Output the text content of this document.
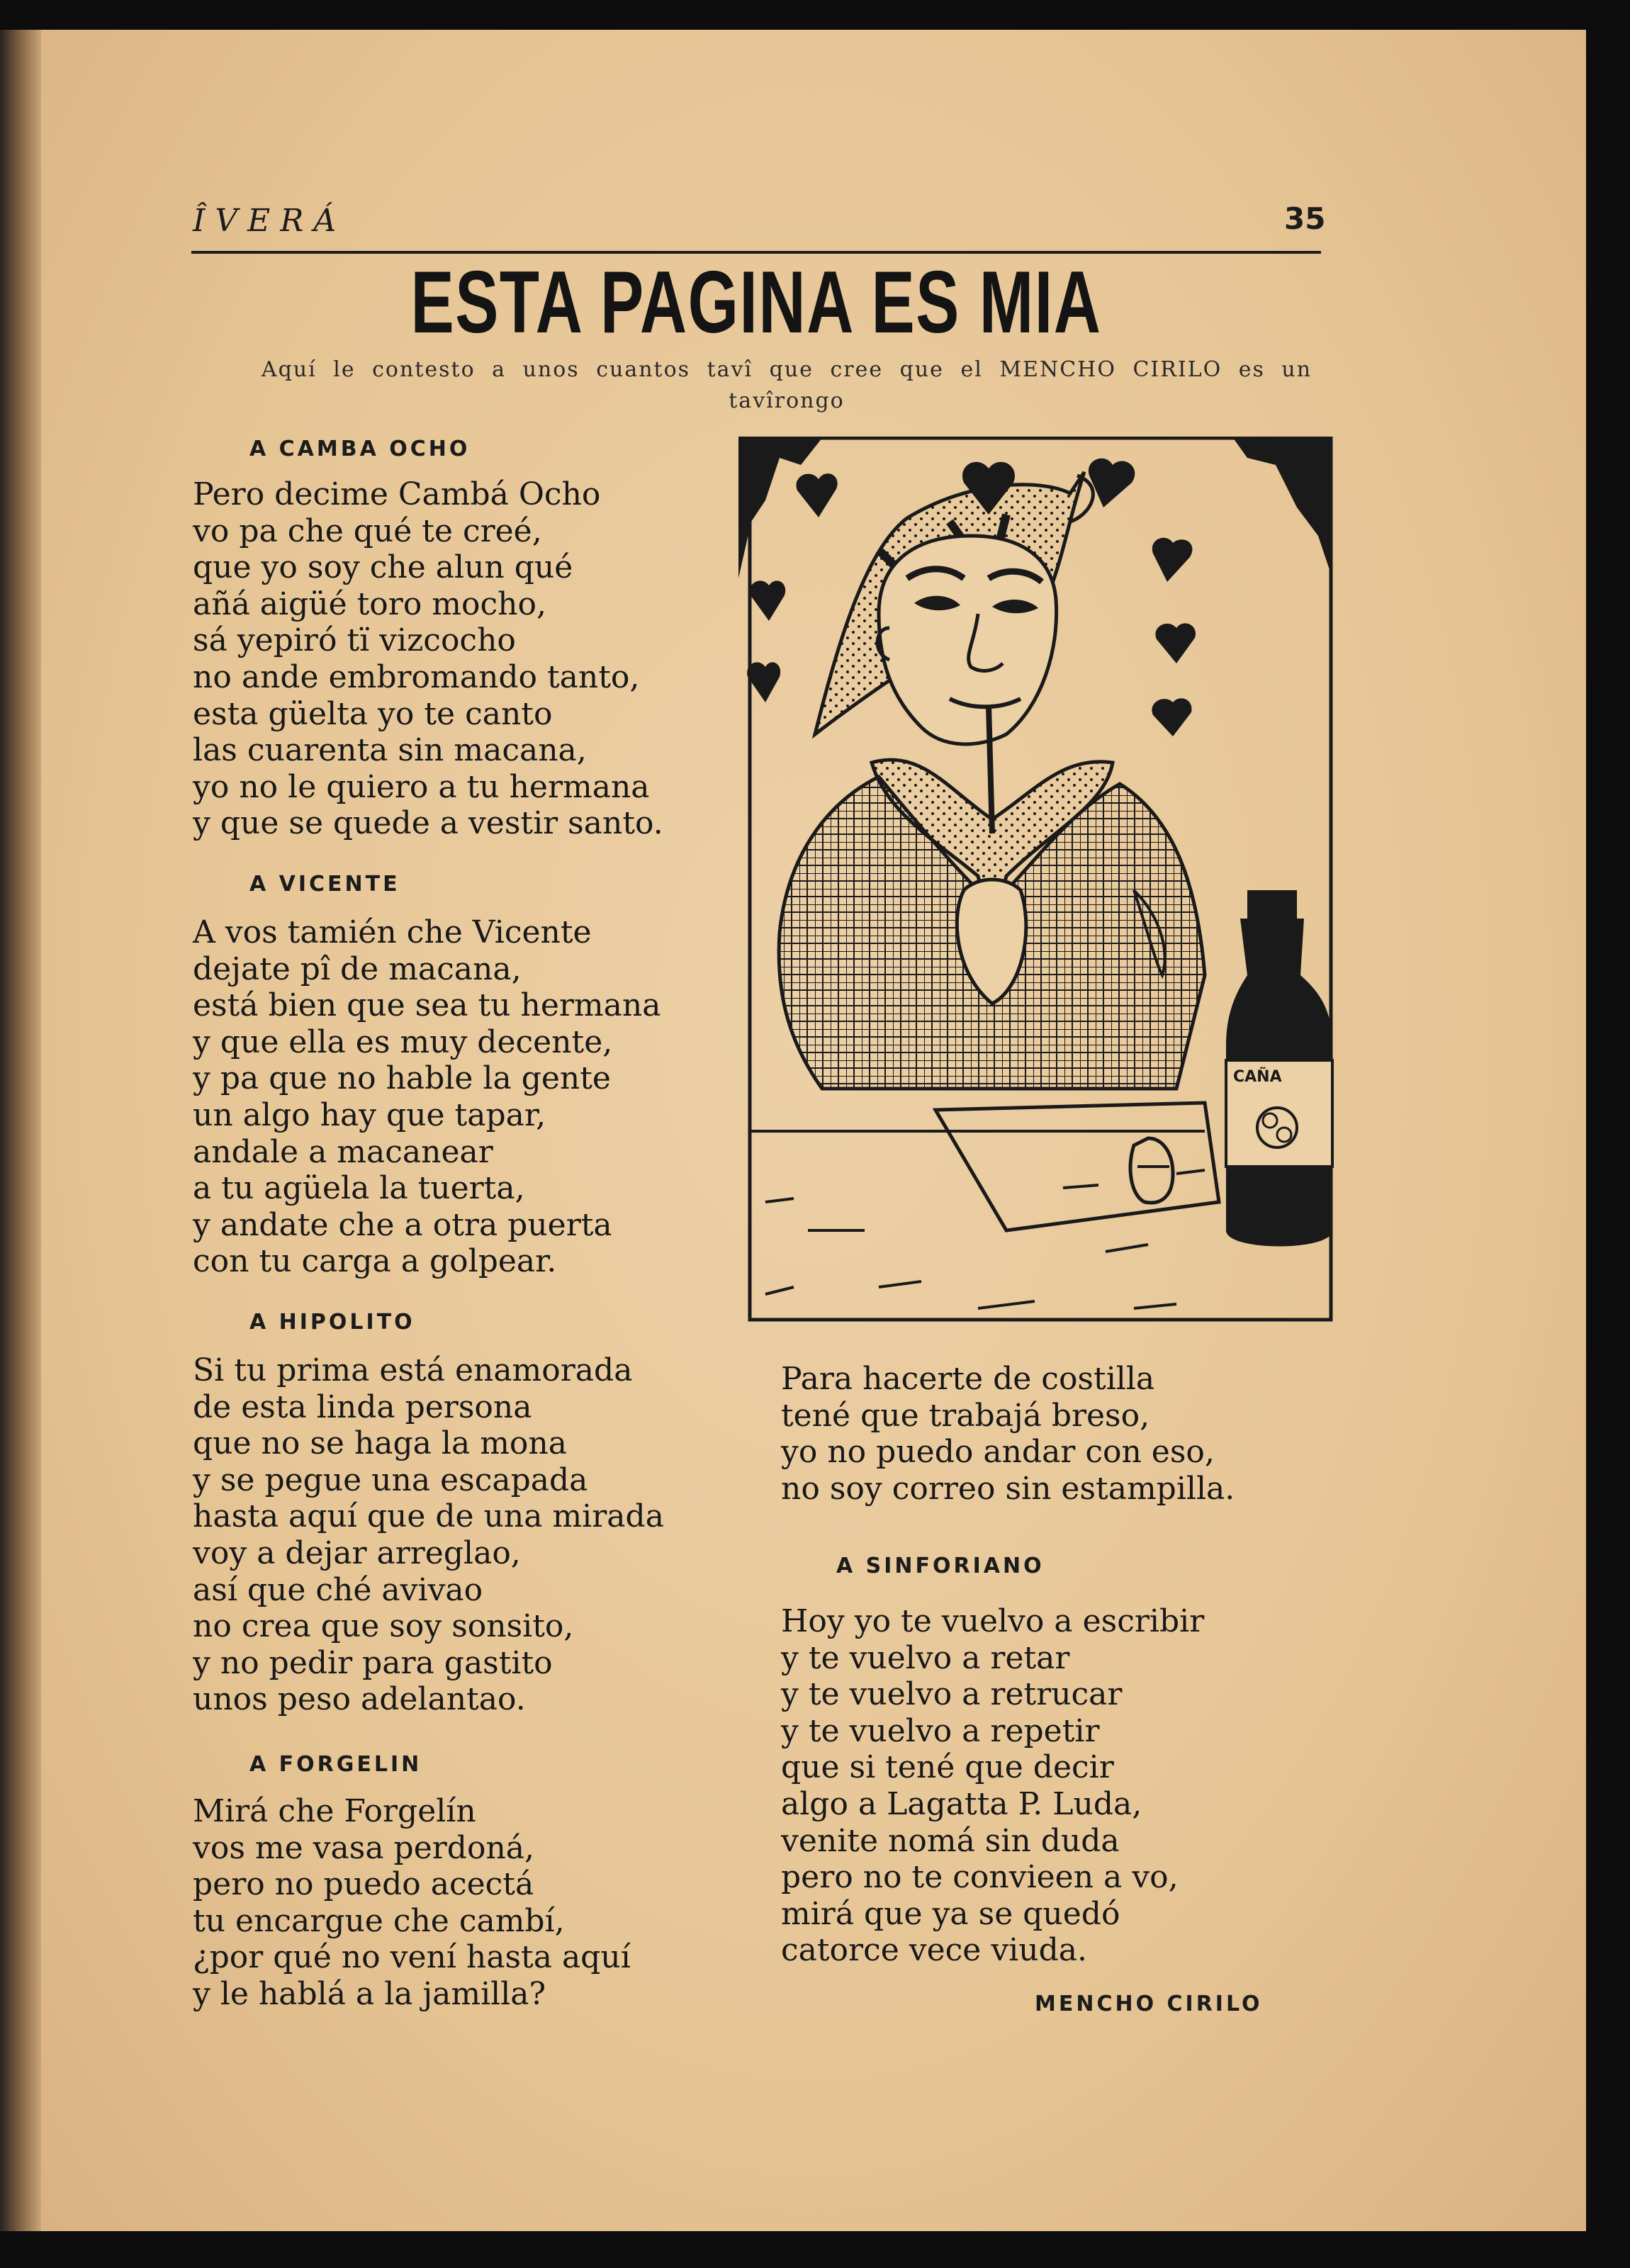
ÎVERÁ	35
ESTA PAGINA ES MIA
Aquí le contesto a unos cuantos tavî que cree que el MENCHO CIRILO es un tavîrongo
A CAMBA OCHO
Pero decime Cambá Ocho
vo pa che qué te creé,
que yo soy che alun qué
añá aigüé toro mocho,
sá yepiró tï vizcocho
no ande embromando tanto,
esta güelta yo te canto
las cuarenta sin macana,
yo no le quiero a tu hermana
y que se quede a vestir santo.
A VICENTE
A vos tamién che Vicente
dejate pî de macana,
está bien que sea tu hermana
y que ella es muy decente,
y pa que no hable la gente
un algo hay que tapar,
andale a macanear
a tu agüela la tuerta,
y andate che a otra puerta
con tu carga a golpear.
A HIPOLITO
Si tu prima está enamorada
de esta linda persona
que no se haga la mona
y se pegue una escapada
hasta aquí que de una mirada
voy a dejar arreglao,
así que ché avivao
no crea que soy sonsito,
y no pedir para gastito
unos peso adelantao.
A FORGELIN
Mirá che Forgelín
vos me vasa perdoná,
pero no puedo acectá
tu encargue che cambí,
¿por qué no vení hasta aquí
y le hablá a la jamilla?
Para hacerte de costilla
tené que trabajá breso,
yo no puedo andar con eso,
no soy correo sin estampilla.
A SINFORIANO
Hoy yo te vuelvo a escribir
y te vuelvo a retar
y te vuelvo a retrucar
y te vuelvo a repetir
que si tené que decir
algo a Lagatta P. Luda,
venite nomá sin duda
pero no te convieen a vo,
mirá que ya se quedó
catorce vece viuda.
MENCHO CIRILO
CAÑA
